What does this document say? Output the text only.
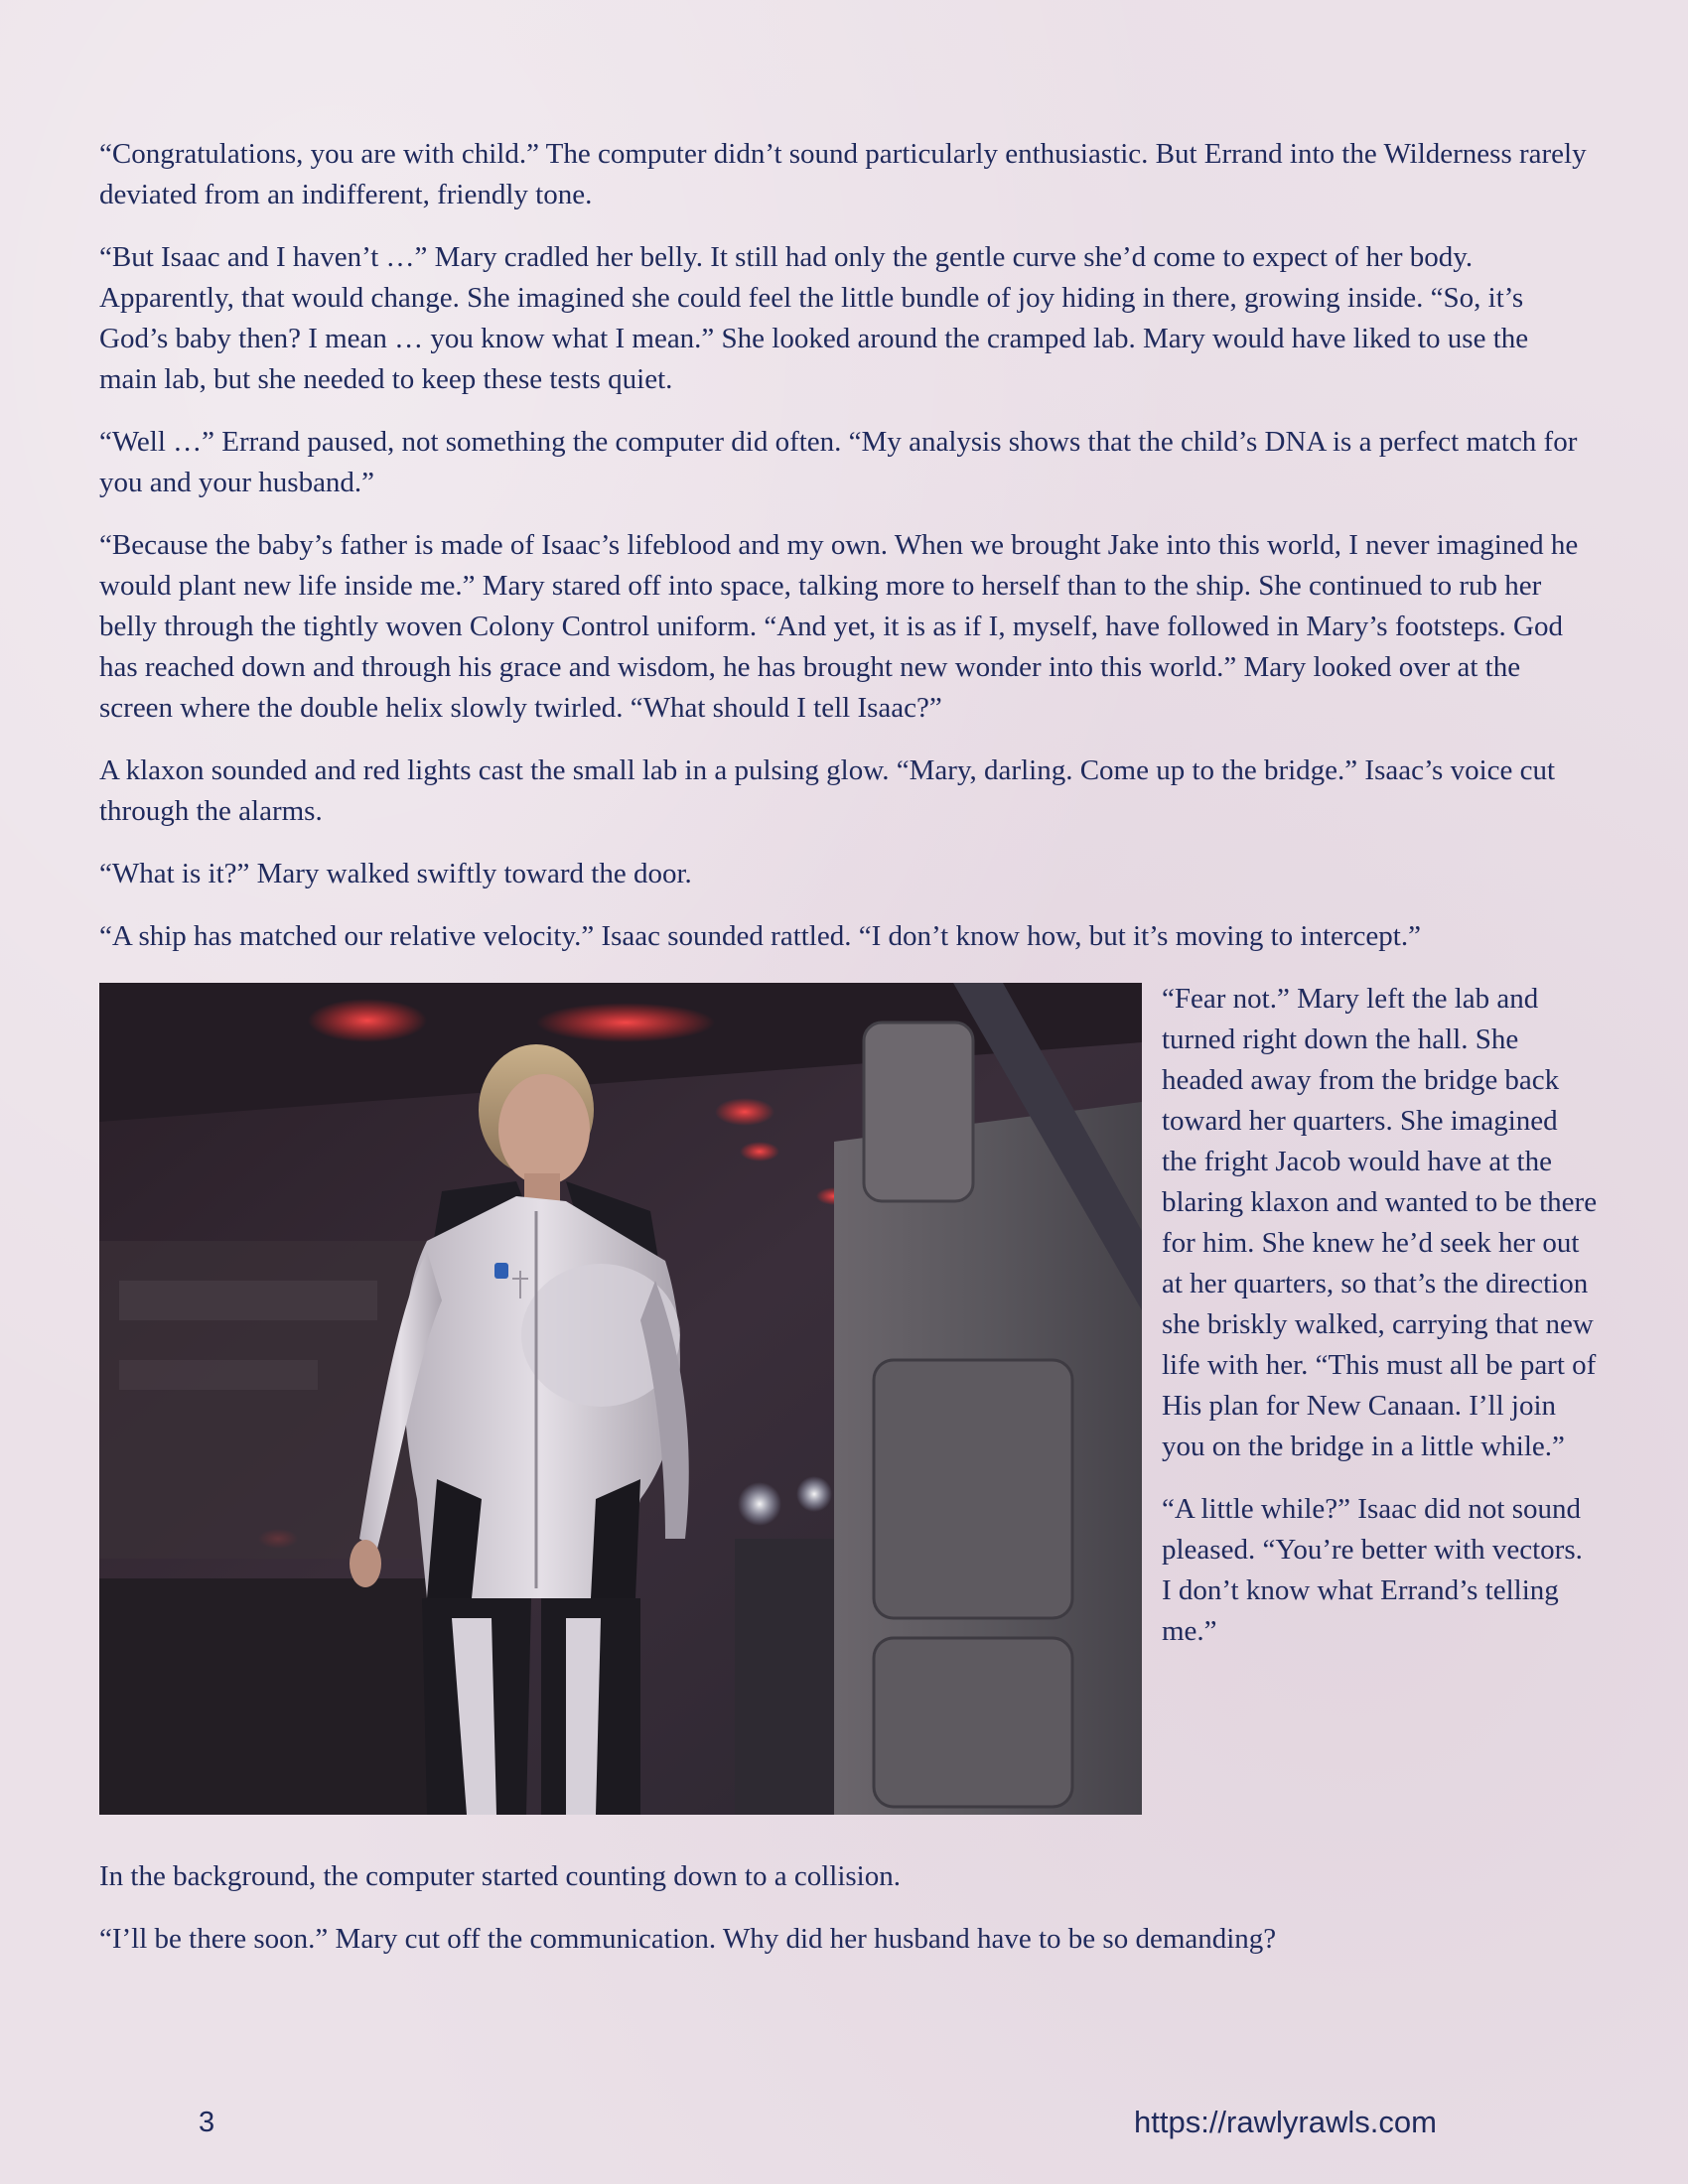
“Congratulations, you are with child.” The computer didn’t sound particularly enthusiastic. But Errand into the Wilderness rarely deviated from an indifferent, friendly tone.

“But Isaac and I haven’t …” Mary cradled her belly. It still had only the gentle curve she’d come to expect of her body. Apparently, that would change. She imagined she could feel the little bundle of joy hiding in there, growing inside. “So, it’s God’s baby then? I mean … you know what I mean.” She looked around the cramped lab. Mary would have liked to use the main lab, but she needed to keep these tests quiet.

“Well …” Errand paused, not something the computer did often. “My analysis shows that the child’s DNA is a perfect match for you and your husband.”

“Because the baby’s father is made of Isaac’s lifeblood and my own. When we brought Jake into this world, I never imagined he would plant new life inside me.” Mary stared off into space, talking more to herself than to the ship. She continued to rub her belly through the tightly woven Colony Control uniform. “And yet, it is as if I, myself, have followed in Mary’s footsteps. God has reached down and through his grace and wisdom, he has brought new wonder into this world.” Mary looked over at the screen where the double helix slowly twirled. “What should I tell Isaac?”

A klaxon sounded and red lights cast the small lab in a pulsing glow. “Mary, darling. Come up to the bridge.” Isaac’s voice cut through the alarms.

“What is it?” Mary walked swiftly toward the door.

“A ship has matched our relative velocity.” Isaac sounded rattled. “I don’t know how, but it’s moving to intercept.”

“Fear not.” Mary left the lab and turned right down the hall. She headed away from the bridge back toward her quarters. She imagined the fright Jacob would have at the blaring klaxon and wanted to be there for him. She knew he’d seek her out at her quarters, so that’s the direction she briskly walked, carrying that new life with her. “This must all be part of His plan for New Canaan. I’ll join you on the bridge in a little while.”

“A little while?” Isaac did not sound pleased. “You’re better with vectors. I don’t know what Errand’s telling me.”

In the background, the computer started counting down to a collision.

“I’ll be there soon.” Mary cut off the communication. Why did her husband have to be so demanding?

3	https://rawlyrawls.com
